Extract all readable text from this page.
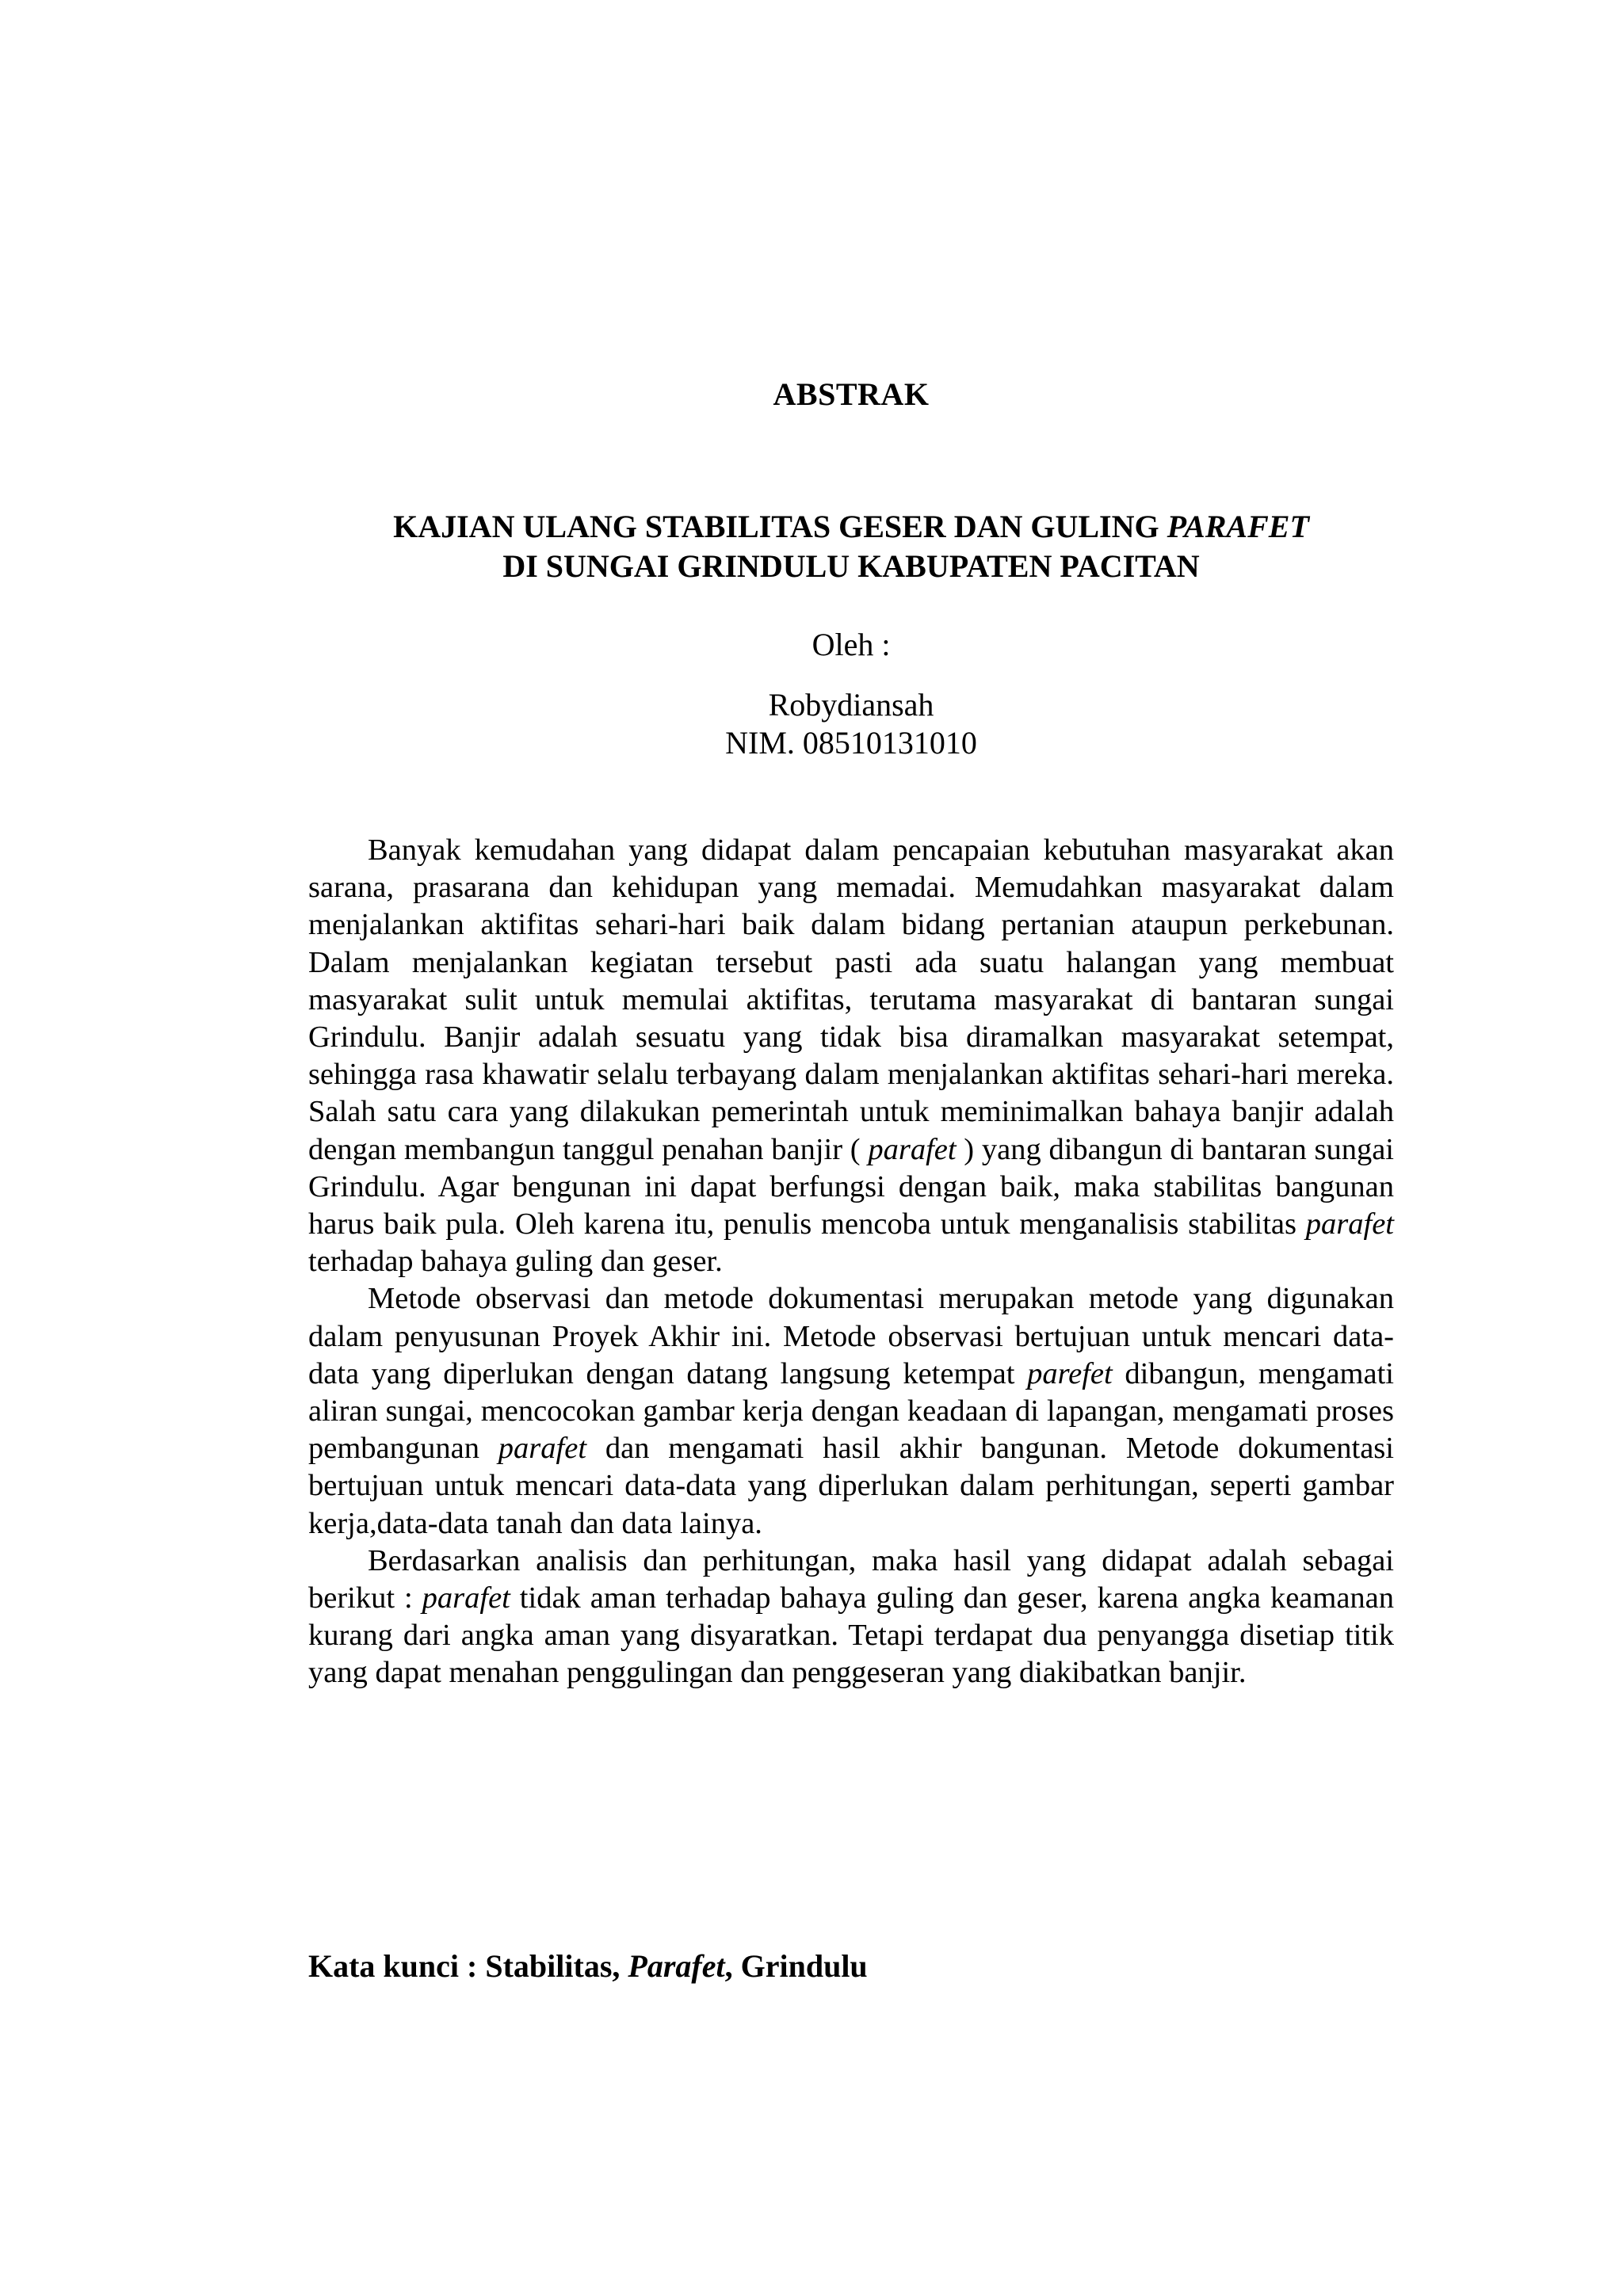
ABSTRAK
KAJIAN ULANG STABILITAS GESER DAN GULING PARAFET
DI SUNGAI GRINDULU KABUPATEN PACITAN
Oleh :
Robydiansah
NIM. 08510131010

Banyak kemudahan yang didapat dalam pencapaian kebutuhan masyarakat akan sarana, prasarana dan kehidupan yang memadai. Memudahkan masyarakat dalam menjalankan aktifitas sehari-hari baik dalam bidang pertanian ataupun perkebunan. Dalam menjalankan kegiatan tersebut pasti ada suatu halangan yang membuat masyarakat sulit untuk memulai aktifitas, terutama masyarakat di bantaran sungai Grindulu. Banjir adalah sesuatu yang tidak bisa diramalkan masyarakat setempat, sehingga rasa khawatir selalu terbayang dalam menjalankan aktifitas sehari-hari mereka. Salah satu cara yang dilakukan pemerintah untuk meminimalkan bahaya banjir adalah dengan membangun tanggul penahan banjir ( parafet ) yang dibangun di bantaran sungai Grindulu. Agar bengunan ini dapat berfungsi dengan baik, maka stabilitas bangunan harus baik pula. Oleh karena itu, penulis mencoba untuk menganalisis stabilitas parafet terhadap bahaya guling dan geser.

Metode observasi dan metode dokumentasi merupakan metode yang digunakan dalam penyusunan Proyek Akhir ini. Metode observasi bertujuan untuk mencari data-data yang diperlukan dengan datang langsung ketempat parefet dibangun, mengamati aliran sungai, mencocokan gambar kerja dengan keadaan di lapangan, mengamati proses pembangunan parafet dan mengamati hasil akhir bangunan. Metode dokumentasi bertujuan untuk mencari data-data yang diperlukan dalam perhitungan, seperti gambar kerja,data-data tanah dan data lainya.

Berdasarkan analisis dan perhitungan, maka hasil yang didapat adalah sebagai berikut : parafet tidak aman terhadap bahaya guling dan geser, karena angka keamanan kurang dari angka aman yang disyaratkan. Tetapi terdapat dua penyangga disetiap titik yang dapat menahan penggulingan dan penggeseran yang diakibatkan banjir.

Kata kunci : Stabilitas, Parafet, Grindulu
